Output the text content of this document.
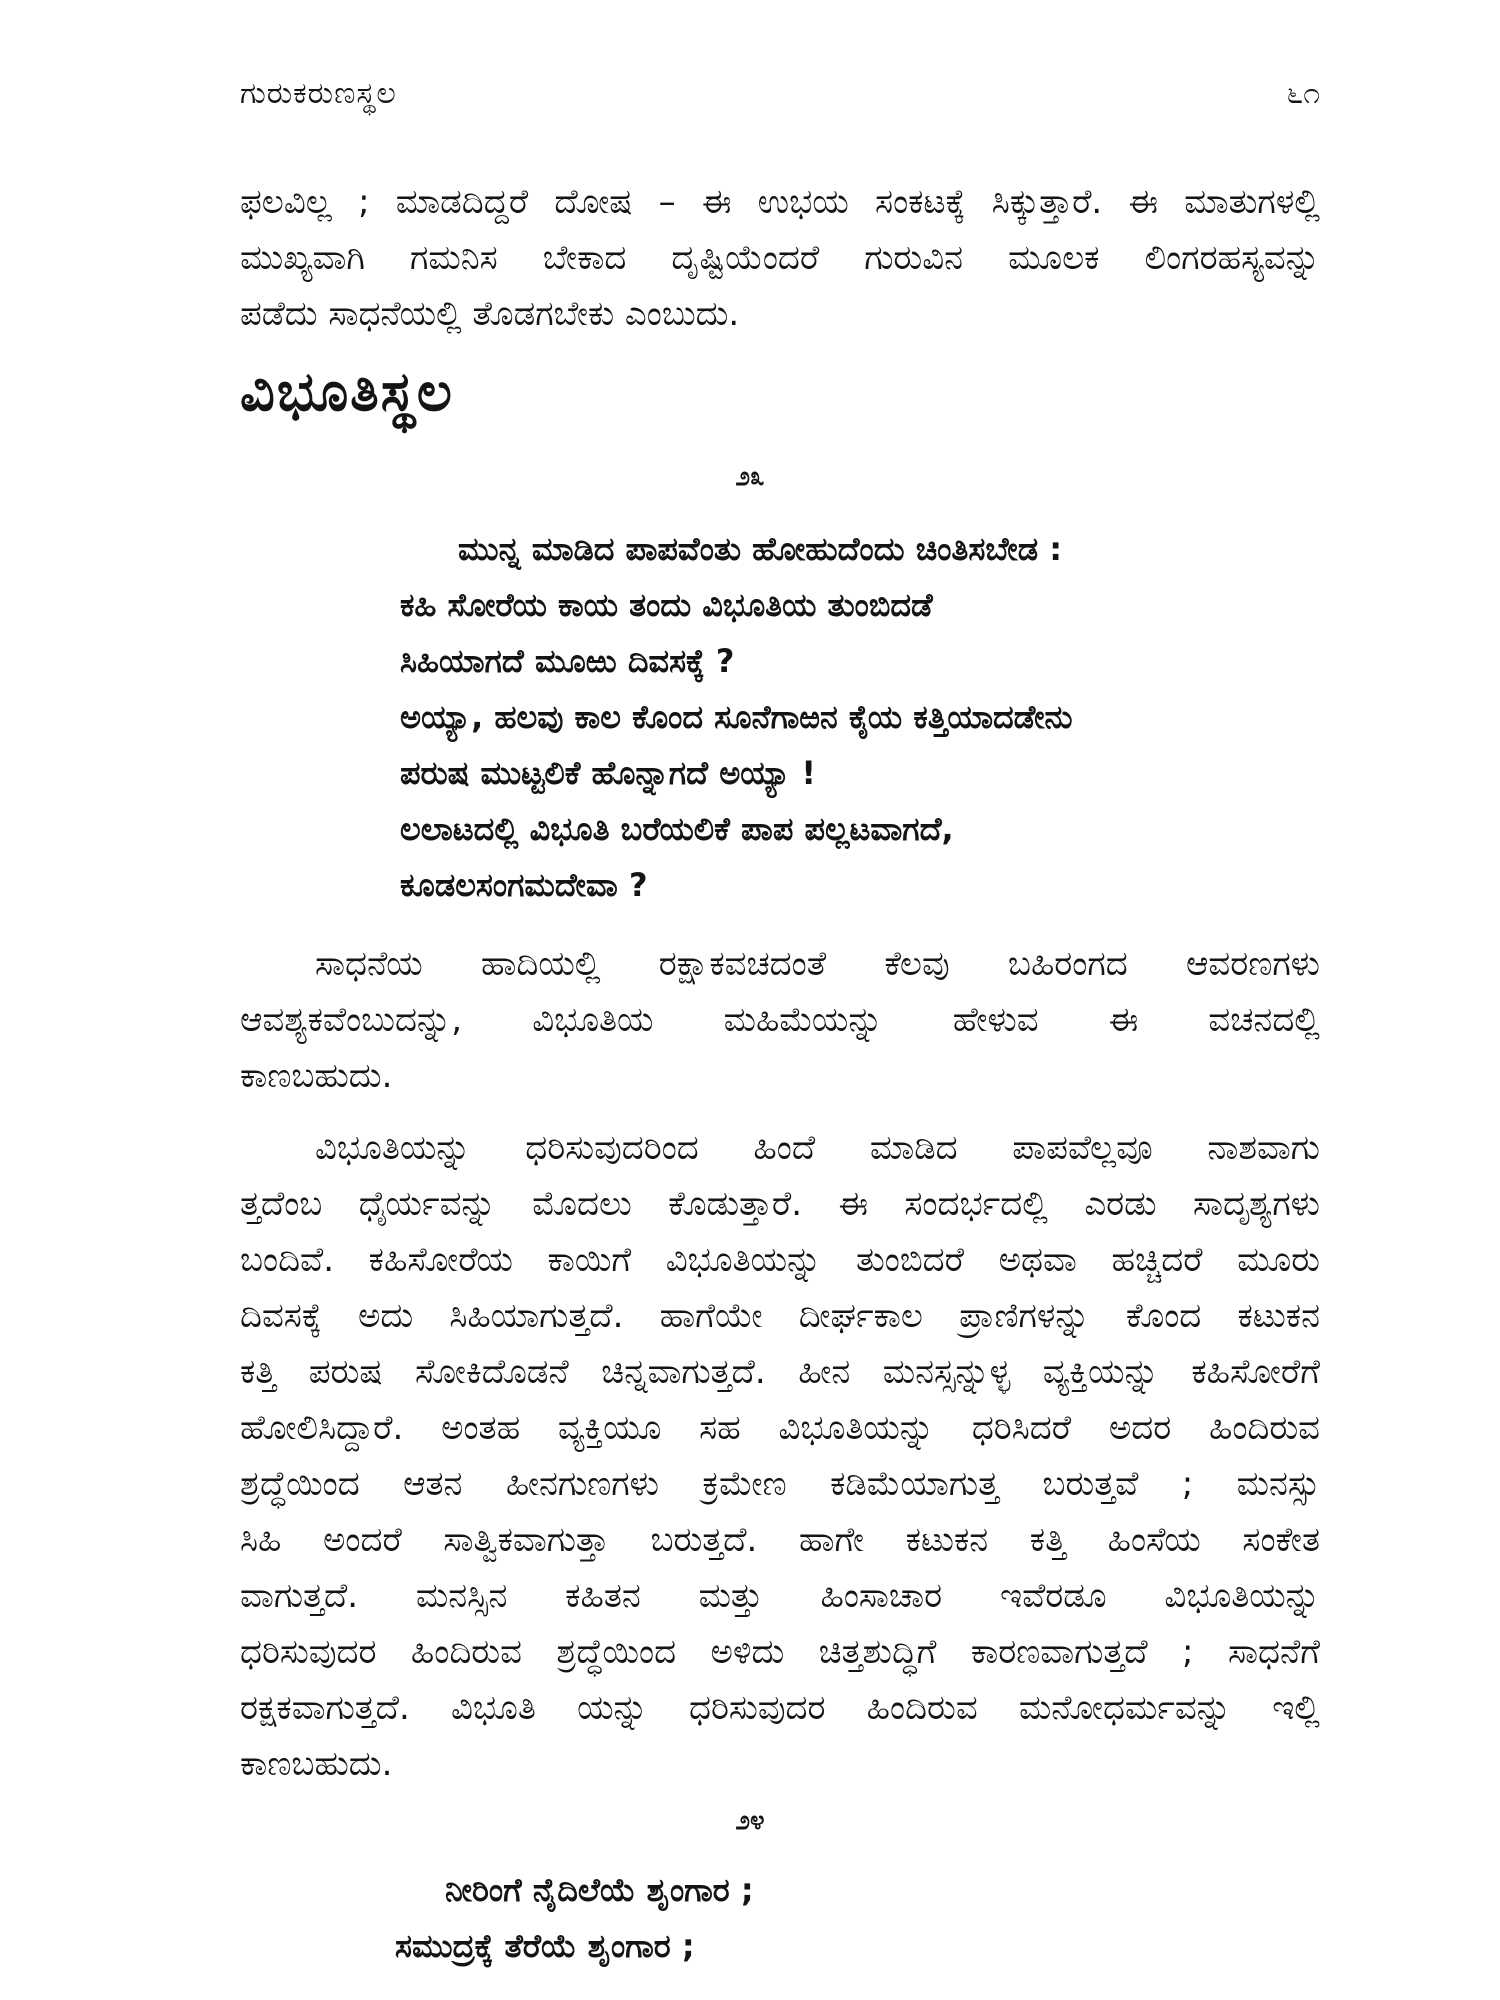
ಗುರುಕರುಣಸ್ಥಲ	೬೧
ಫಲವಿಲ್ಲ ; ಮಾಡದಿದ್ದರೆ ದೋಷ – ಈ ಉಭಯ ಸಂಕಟಕ್ಕೆ ಸಿಕ್ಕುತ್ತಾರೆ. ಈ ಮಾತುಗಳಲ್ಲಿ
ಮುಖ್ಯವಾಗಿ ಗಮನಿಸ ಬೇಕಾದ ದೃಷ್ಟಿಯೆಂದರೆ ಗುರುವಿನ ಮೂಲಕ ಲಿಂಗರಹಸ್ಯವನ್ನು
ಪಡೆದು ಸಾಧನೆಯಲ್ಲಿ ತೊಡಗಬೇಕು ಎಂಬುದು.
ವಿಭೂತಿಸ್ಥಲ
೨೩
ಮುನ್ನ ಮಾಡಿದ ಪಾಪವೆಂತು ಹೋಹುದೆಂದು ಚಿಂತಿಸಬೇಡ :
ಕಹಿ ಸೋರೆಯ ಕಾಯ ತಂದು ವಿಭೂತಿಯ ತುಂಬಿದಡೆ
ಸಿಹಿಯಾಗದೆ ಮೂಱು ದಿವಸಕ್ಕೆ ?
ಅಯ್ಯಾ, ಹಲವು ಕಾಲ ಕೊಂದ ಸೂನೆಗಾಱನ ಕೈಯ ಕತ್ತಿಯಾದಡೇನು
ಪರುಷ ಮುಟ್ಟಲಿಕೆ ಹೊನ್ನಾಗದೆ ಅಯ್ಯಾ !
ಲಲಾಟದಲ್ಲಿ ವಿಭೂತಿ ಬರೆಯಲಿಕೆ ಪಾಪ ಪಲ್ಲಟವಾಗದೆ,
ಕೂಡಲಸಂಗಮದೇವಾ ?
ಸಾಧನೆಯ ಹಾದಿಯಲ್ಲಿ ರಕ್ಷಾಕವಚದಂತೆ ಕೆಲವು ಬಹಿರಂಗದ ಆವರಣಗಳು
ಆವಶ್ಯಕವೆಂಬುದನ್ನು, ವಿಭೂತಿಯ ಮಹಿಮೆಯನ್ನು ಹೇಳುವ ಈ ವಚನದಲ್ಲಿ
ಕಾಣಬಹುದು.
ವಿಭೂತಿಯನ್ನು ಧರಿಸುವುದರಿಂದ ಹಿಂದೆ ಮಾಡಿದ ಪಾಪವೆಲ್ಲವೂ ನಾಶವಾಗು
ತ್ತದೆಂಬ ಧೈರ್ಯವನ್ನು ಮೊದಲು ಕೊಡುತ್ತಾರೆ. ಈ ಸಂದರ್ಭದಲ್ಲಿ ಎರಡು ಸಾದೃಶ್ಯಗಳು
ಬಂದಿವೆ. ಕಹಿಸೋರೆಯ ಕಾಯಿಗೆ ವಿಭೂತಿಯನ್ನು ತುಂಬಿದರೆ ಅಥವಾ ಹಚ್ಚಿದರೆ ಮೂರು
ದಿವಸಕ್ಕೆ ಅದು ಸಿಹಿಯಾಗುತ್ತದೆ. ಹಾಗೆಯೇ ದೀರ್ಘಕಾಲ ಪ್ರಾಣಿಗಳನ್ನು ಕೊಂದ ಕಟುಕನ
ಕತ್ತಿ ಪರುಷ ಸೋಕಿದೊಡನೆ ಚಿನ್ನವಾಗುತ್ತದೆ. ಹೀನ ಮನಸ್ಸನ್ನುಳ್ಳ ವ್ಯಕ್ತಿಯನ್ನು ಕಹಿಸೋರೆಗೆ
ಹೋಲಿಸಿದ್ದಾರೆ. ಅಂತಹ ವ್ಯಕ್ತಿಯೂ ಸಹ ವಿಭೂತಿಯನ್ನು ಧರಿಸಿದರೆ ಅದರ ಹಿಂದಿರುವ
ಶ್ರದ್ಧೆಯಿಂದ ಆತನ ಹೀನಗುಣಗಳು ಕ್ರಮೇಣ ಕಡಿಮೆಯಾಗುತ್ತ ಬರುತ್ತವೆ ; ಮನಸ್ಸು
ಸಿಹಿ ಅಂದರೆ ಸಾತ್ವಿಕವಾಗುತ್ತಾ ಬರುತ್ತದೆ. ಹಾಗೇ ಕಟುಕನ ಕತ್ತಿ ಹಿಂಸೆಯ ಸಂಕೇತ
ವಾಗುತ್ತದೆ. ಮನಸ್ಸಿನ ಕಹಿತನ ಮತ್ತು ಹಿಂಸಾಚಾರ ಇವೆರಡೂ ವಿಭೂತಿಯನ್ನು
ಧರಿಸುವುದರ ಹಿಂದಿರುವ ಶ್ರದ್ಧೆಯಿಂದ ಅಳಿದು ಚಿತ್ತಶುದ್ಧಿಗೆ ಕಾರಣವಾಗುತ್ತದೆ ; ಸಾಧನೆಗೆ
ರಕ್ಷಕವಾಗುತ್ತದೆ. ವಿಭೂತಿ ಯನ್ನು ಧರಿಸುವುದರ ಹಿಂದಿರುವ ಮನೋಧರ್ಮವನ್ನು ಇಲ್ಲಿ
ಕಾಣಬಹುದು.
೨೪
ನೀರಿಂಗೆ ನೈದಿಲೆಯೆ ಶೃಂಗಾರ ;
ಸಮುದ್ರಕ್ಕೆ ತೆರೆಯೆ ಶೃಂಗಾರ ;
